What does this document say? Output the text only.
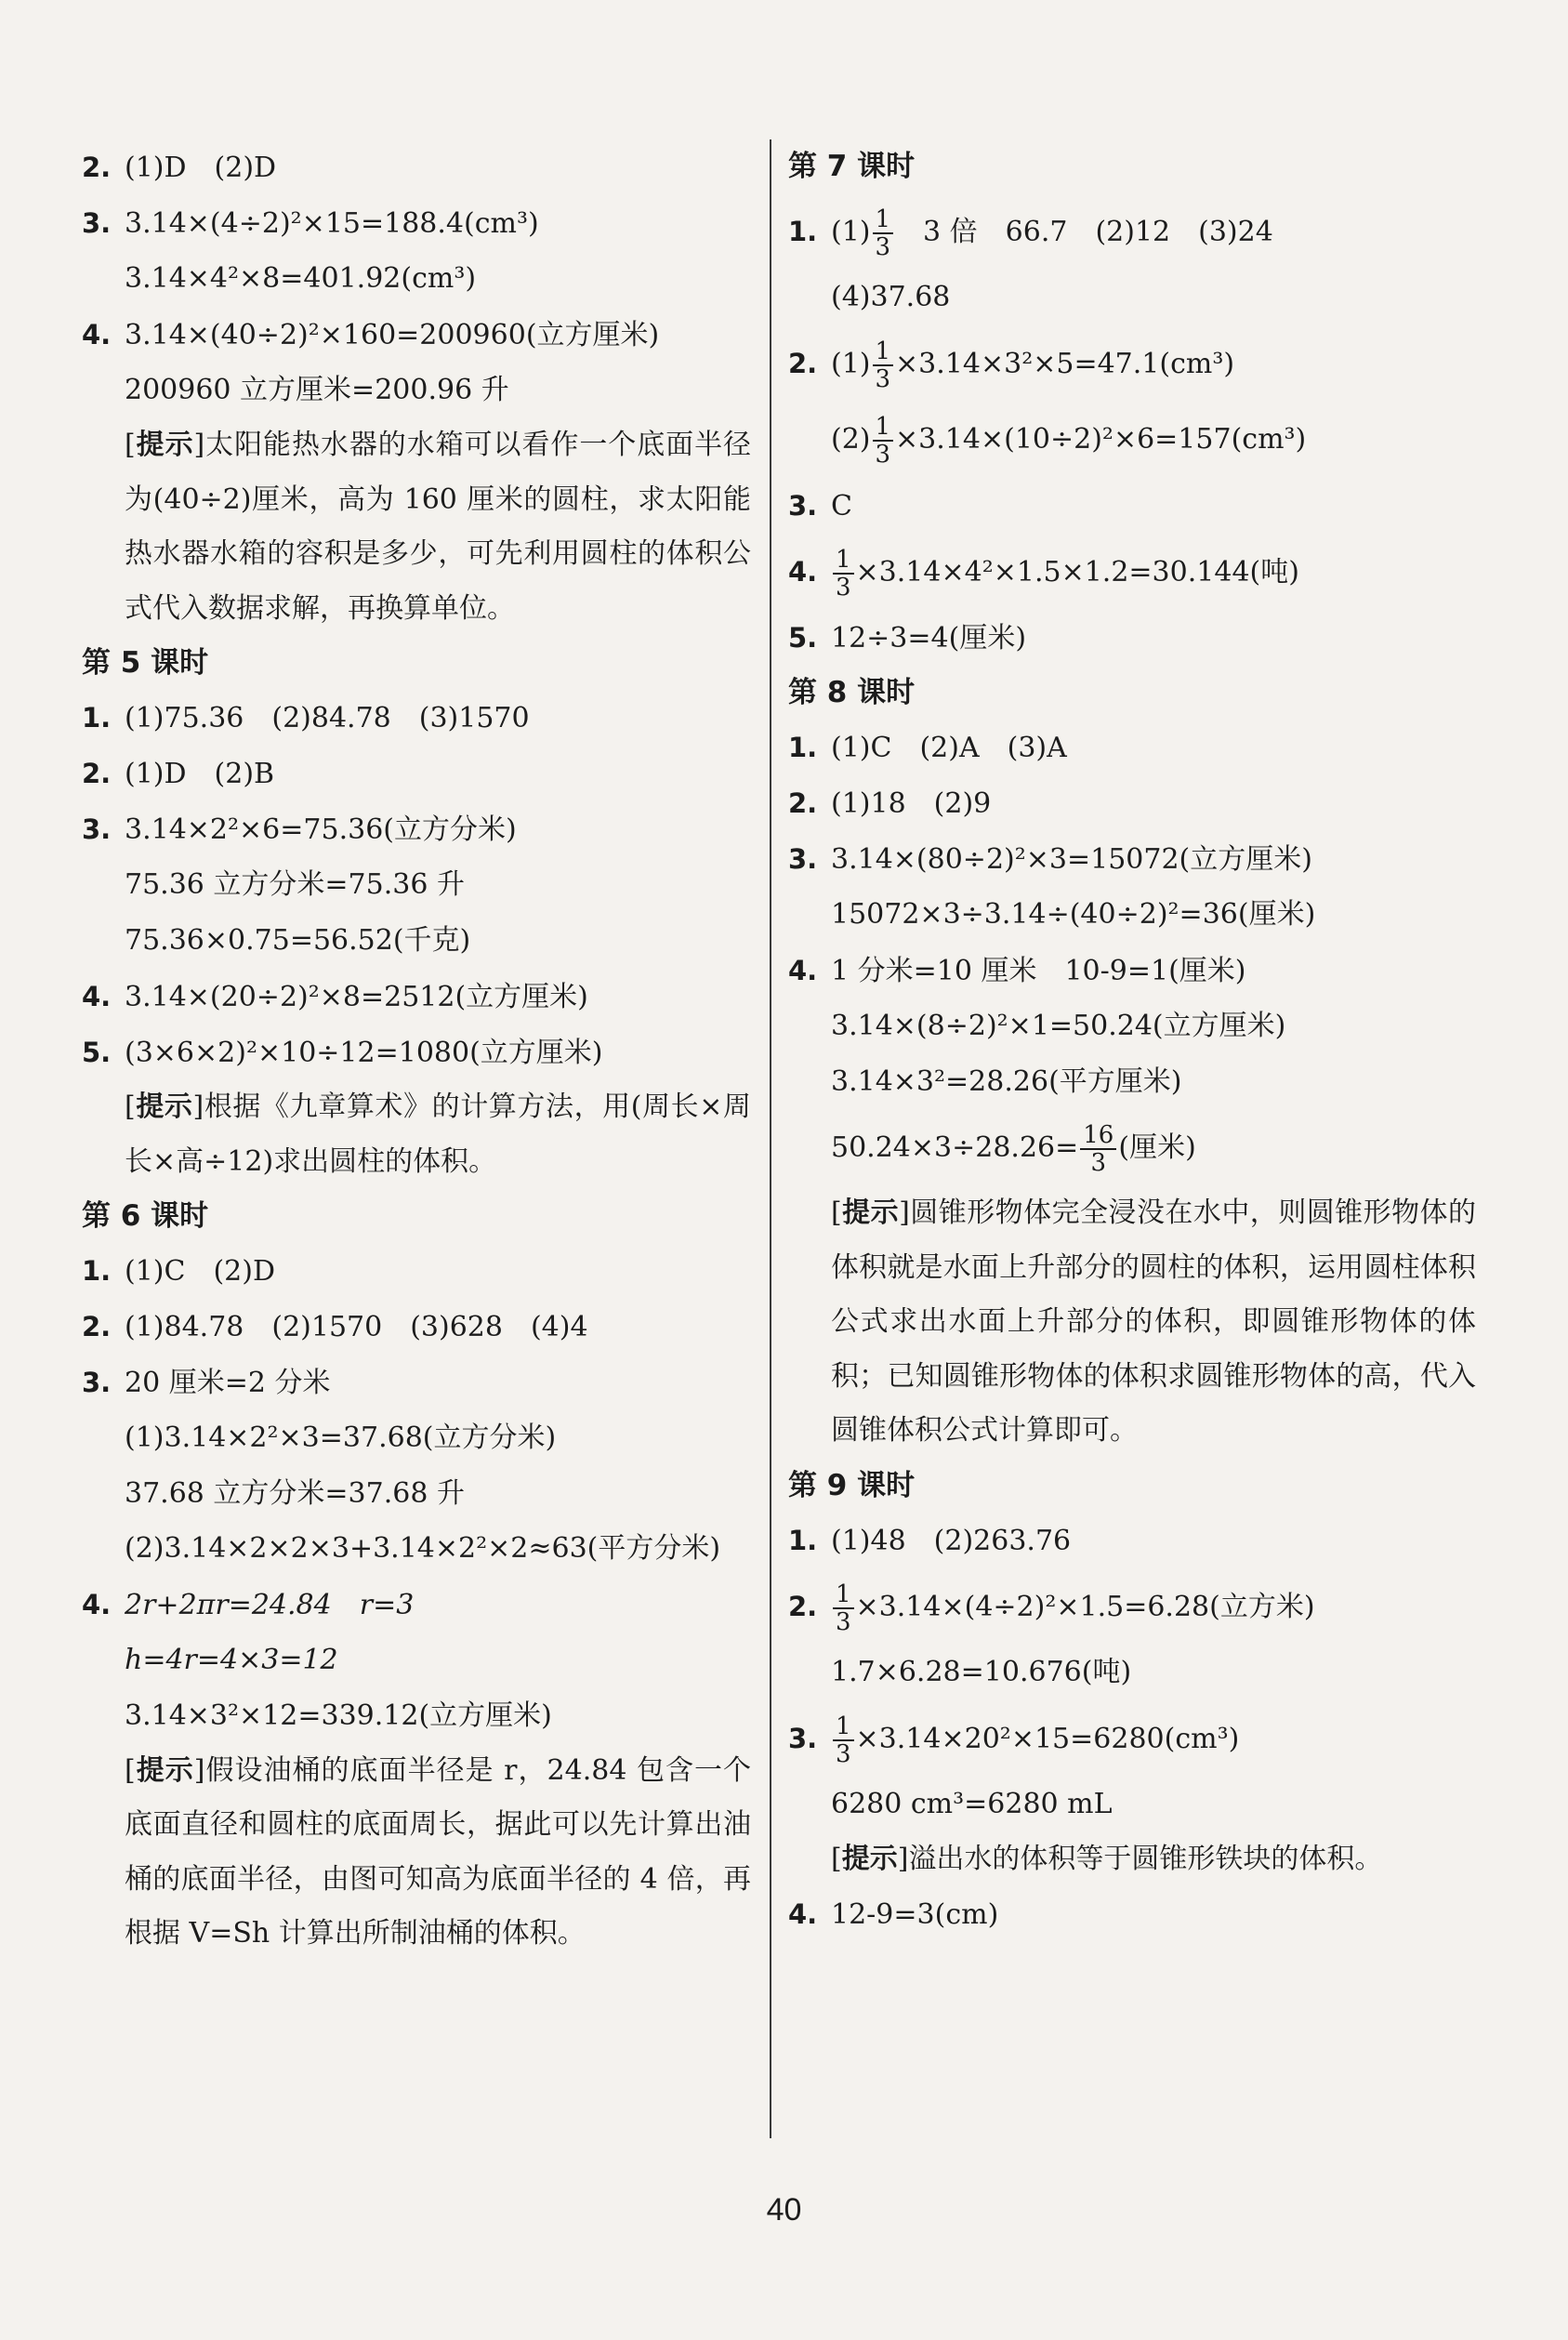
2. (1)D　(2)D
3. 3.14×(4÷2)²×15=188.4(cm³)
3.14×4²×8=401.92(cm³)
4. 3.14×(40÷2)²×160=200960(立方厘米)
200960 立方厘米=200.96 升
[提示]太阳能热水器的水箱可以看作一个底面半径为(40÷2)厘米，高为 160 厘米的圆柱，求太阳能热水器水箱的容积是多少，可先利用圆柱的体积公式代入数据求解，再换算单位。
第 5 课时
1. (1)75.36　(2)84.78　(3)1570
2. (1)D　(2)B
3. 3.14×2²×6=75.36(立方分米)
75.36 立方分米=75.36 升
75.36×0.75=56.52(千克)
4. 3.14×(20÷2)²×8=2512(立方厘米)
5. (3×6×2)²×10÷12=1080(立方厘米)
[提示]根据《九章算术》的计算方法，用(周长×周长×高÷12)求出圆柱的体积。
第 6 课时
1. (1)C　(2)D
2. (1)84.78　(2)1570　(3)628　(4)4
3. 20 厘米=2 分米
(1)3.14×2²×3=37.68(立方分米)
37.68 立方分米=37.68 升
(2)3.14×2×2×3+3.14×2²×2≈63(平方分米)
4. 2r+2πr=24.84　r=3
h=4r=4×3=12
3.14×3²×12=339.12(立方厘米)
[提示]假设油桶的底面半径是 r，24.84 包含一个底面直径和圆柱的底面周长，据此可以先计算出油桶的底面半径，由图可知高为底面半径的 4 倍，再根据 V=Sh 计算出所制油桶的体积。
第 7 课时
1. $(1) \frac{1}{3}$ 　3 倍　66.7　(2)12　(3)24
(4)37.68
2. $(1) \frac{1}{3} \times 3.14\times 3^2\times 5=47.1(cm^3)$
$(2) \frac{1}{3} \times 3.14\times(10\div 2)^2\times 6=157(cm^3)$
3. C
4. $\frac{1}{3} \times 3.14\times 4^2\times 1.5\times 1.2=30.144$(吨)
5. 12÷3=4(厘米)
第 8 课时
1. (1)C　(2)A　(3)A
2. (1)18　(2)9
3. 3.14×(80÷2)²×3=15072(立方厘米)
15072×3÷3.14÷(40÷2)²=36(厘米)
4. 1 分米=10 厘米　10-9=1(厘米)
3.14×(8÷2)²×1=50.24(立方厘米)
3.14×3²=28.26(平方厘米)
$50.24\times 3\div 28.26= \frac{16}{3}$ (厘米)
[提示]圆锥形物体完全浸没在水中，则圆锥形物体的体积就是水面上升部分的圆柱的体积，运用圆柱体积公式求出水面上升部分的体积，即圆锥形物体的体积；已知圆锥形物体的体积求圆锥形物体的高，代入圆锥体积公式计算即可。
第 9 课时
1. (1)48　(2)263.76
2. $\frac{1}{3} \times 3.14\times(4\div 2)^2\times 1.5=6.28$(立方米)
1.7×6.28=10.676(吨)
3. $\frac{1}{3} \times 3.14\times 20^2\times 15=6280(cm^3)$
6280 cm³=6280 mL
[提示]溢出水的体积等于圆锥形铁块的体积。
4. 12-9=3(cm)
40
